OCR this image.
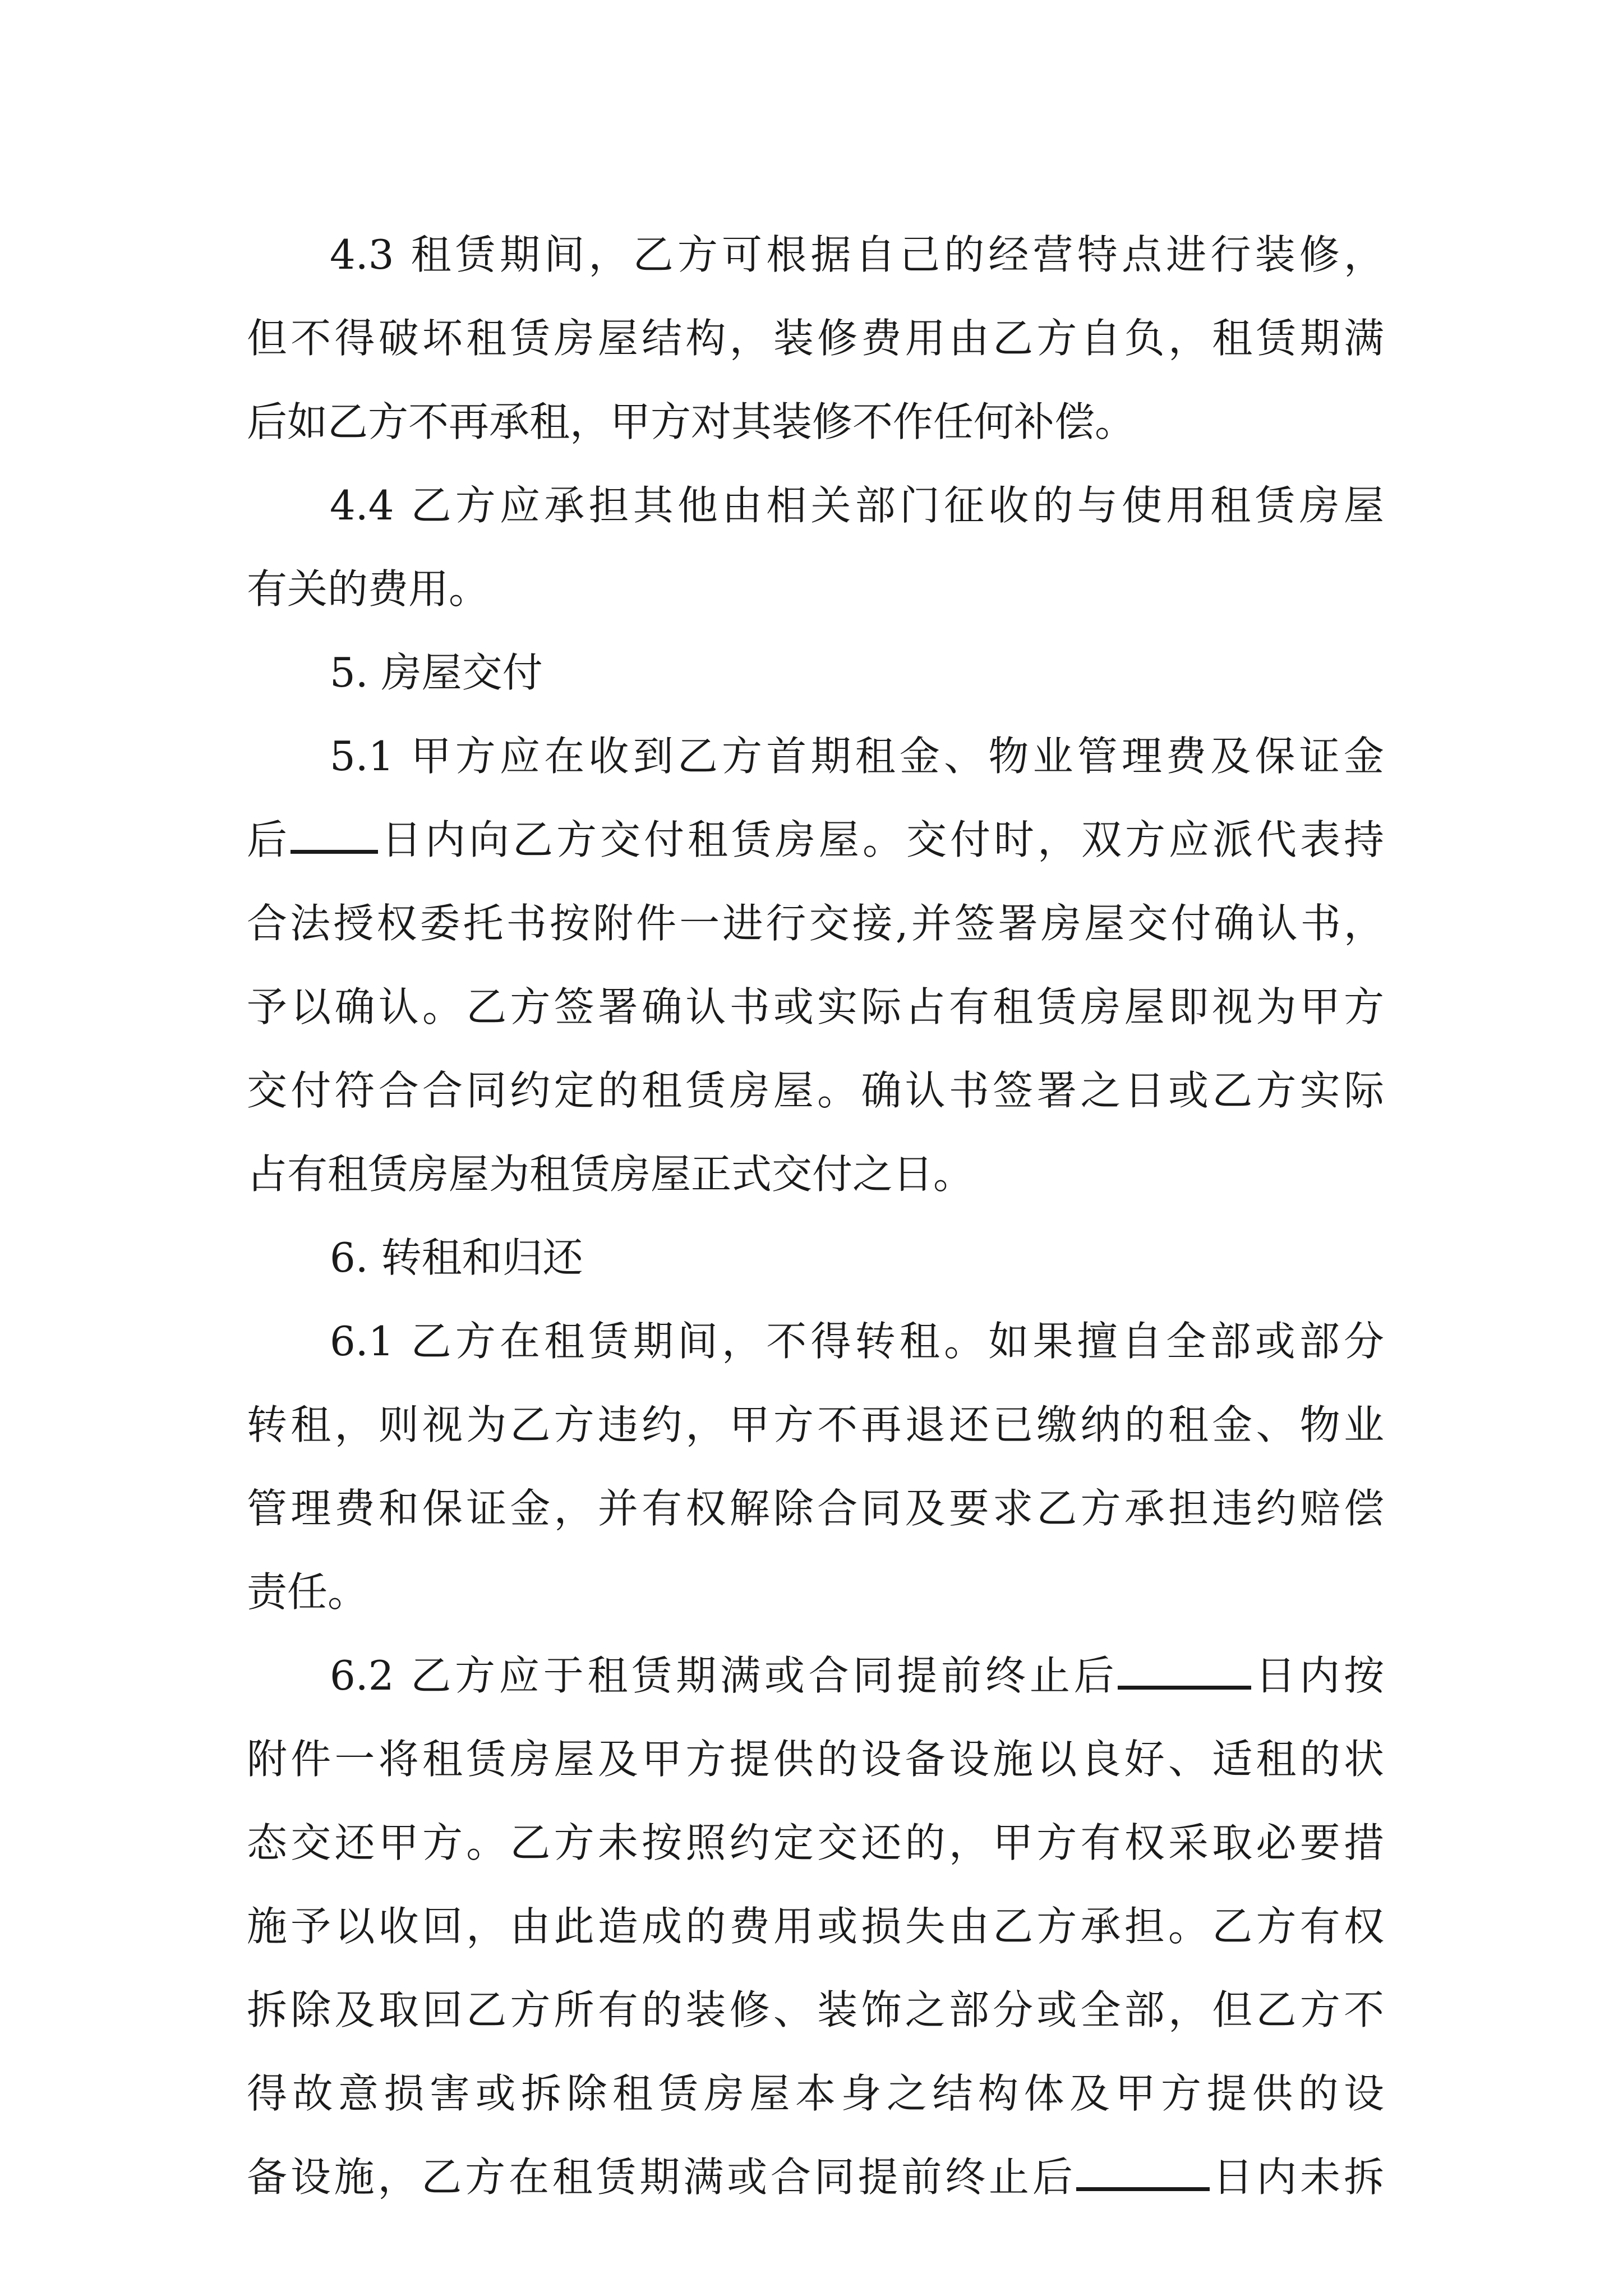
4.3 租赁期间，乙方可根据自己的经营特点进行装修，
但不得破坏租赁房屋结构，装修费用由乙方自负，租赁期满
后如乙方不再承租，甲方对其装修不作任何补偿。
4.4 乙方应承担其他由相关部门征收的与使用租赁房屋
有关的费用。
5. 房屋交付
5.1 甲方应在收到乙方首期租金、物业管理费及保证金
后 日内向乙方交付租赁房屋。交付时，双方应派代表持
合法授权委托书按附件一进行交接,并签署房屋交付确认书，
予以确认。乙方签署确认书或实际占有租赁房屋即视为甲方
交付符合合同约定的租赁房屋。确认书签署之日或乙方实际
占有租赁房屋为租赁房屋正式交付之日。
6. 转租和归还
6.1 乙方在租赁期间，不得转租。如果擅自全部或部分
转租，则视为乙方违约，甲方不再退还已缴纳的租金、物业
管理费和保证金，并有权解除合同及要求乙方承担违约赔偿
责任。
6.2 乙方应于租赁期满或合同提前终止后	日内按
附件一将租赁房屋及甲方提供的设备设施以良好、适租的状
态交还甲方。乙方未按照约定交还的，甲方有权采取必要措
施予以收回，由此造成的费用或损失由乙方承担。乙方有权
拆除及取回乙方所有的装修、装饰之部分或全部，但乙方不
得故意损害或拆除租赁房屋本身之结构体及甲方提供的设
备设施，乙方在租赁期满或合同提前终止后	日内未拆
